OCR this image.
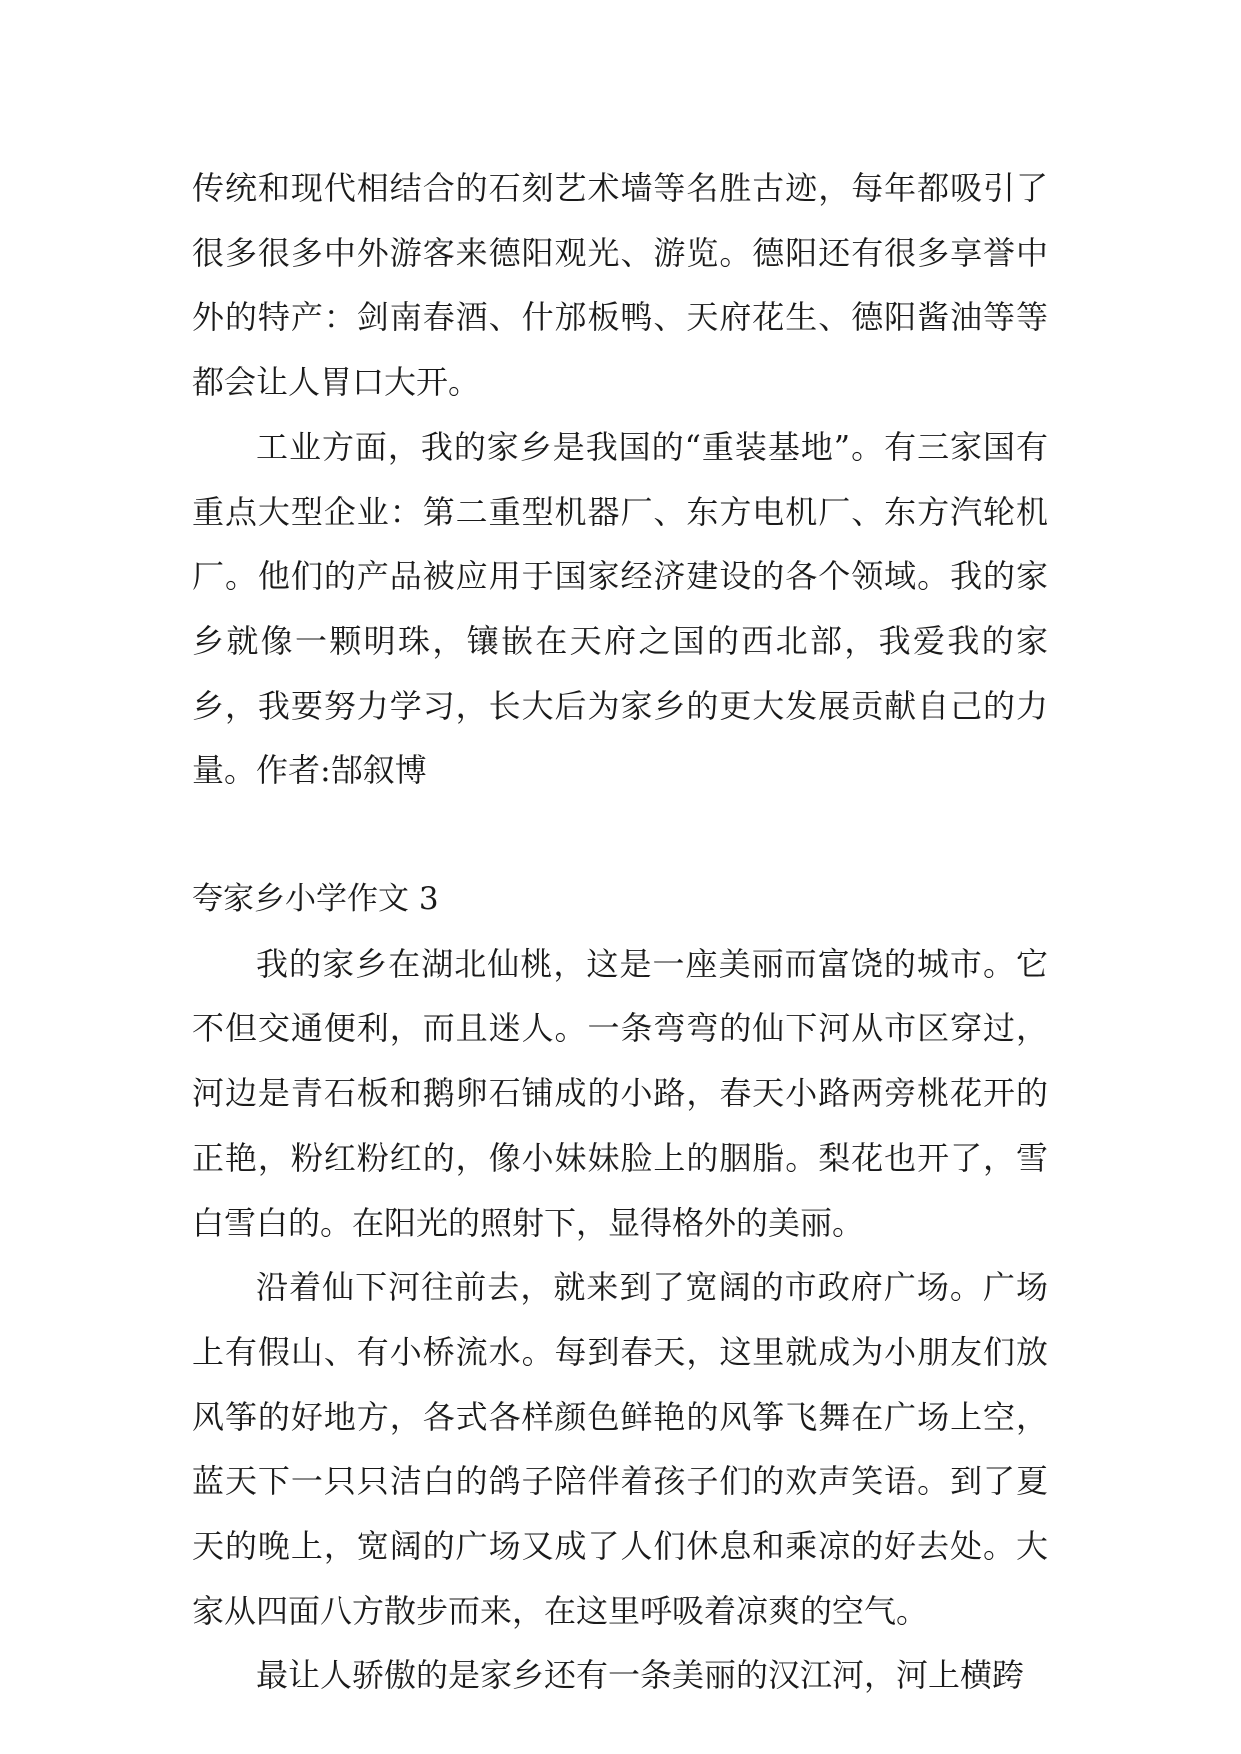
传统和现代相结合的石刻艺术墙等名胜古迹，每年都吸引了很多很多中外游客来德阳观光、游览。德阳还有很多享誉中外的特产：剑南春酒、什邡板鸭、天府花生、德阳酱油等等都会让人胃口大开。

工业方面，我的家乡是我国的“重装基地”。有三家国有重点大型企业：第二重型机器厂、东方电机厂、东方汽轮机厂。他们的产品被应用于国家经济建设的各个领域。我的家乡就像一颗明珠，镶嵌在天府之国的西北部，我爱我的家乡，我要努力学习，长大后为家乡的更大发展贡献自己的力量。作者:郜叙博

夸家乡小学作文 3

我的家乡在湖北仙桃，这是一座美丽而富饶的城市。它不但交通便利，而且迷人。一条弯弯的仙下河从市区穿过，河边是青石板和鹅卵石铺成的小路，春天小路两旁桃花开的正艳，粉红粉红的，像小妹妹脸上的胭脂。梨花也开了，雪白雪白的。在阳光的照射下，显得格外的美丽。

沿着仙下河往前去，就来到了宽阔的市政府广场。广场上有假山、有小桥流水。每到春天，这里就成为小朋友们放风筝的好地方，各式各样颜色鲜艳的风筝飞舞在广场上空，蓝天下一只只洁白的鸽子陪伴着孩子们的欢声笑语。到了夏天的晚上，宽阔的广场又成了人们休息和乘凉的好去处。大家从四面八方散步而来，在这里呼吸着凉爽的空气。

最让人骄傲的是家乡还有一条美丽的汉江河，河上横跨
